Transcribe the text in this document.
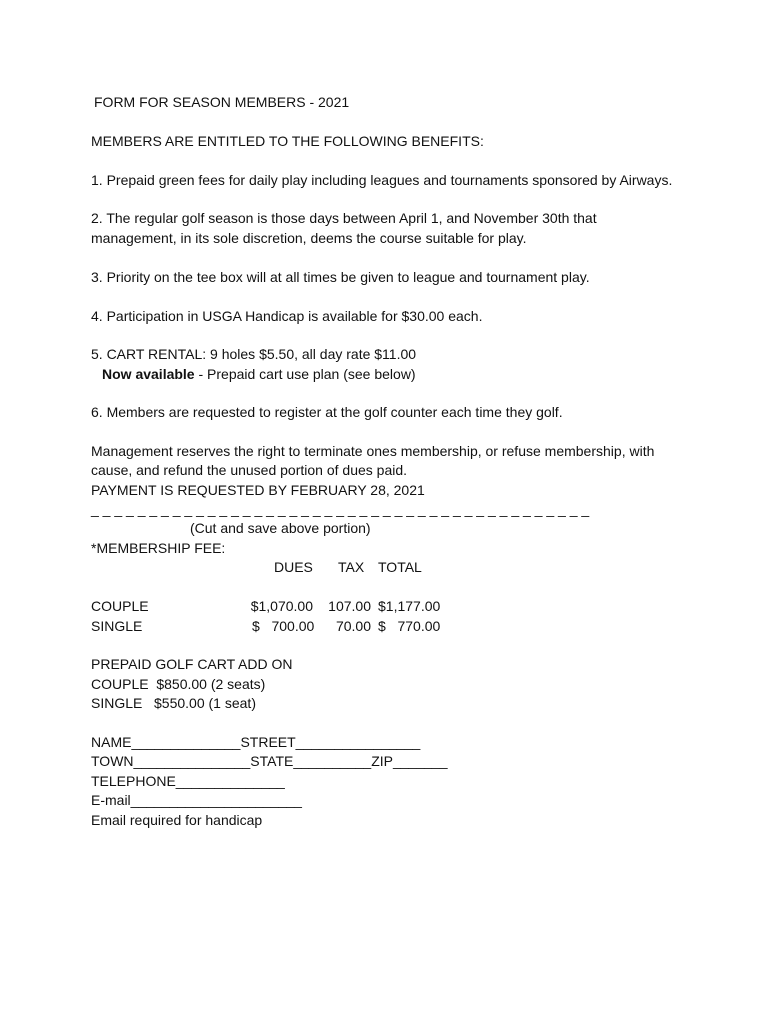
FORM FOR SEASON MEMBERS - 2021
MEMBERS ARE ENTITLED TO THE FOLLOWING BENEFITS:
1. Prepaid green fees for daily play including leagues and tournaments sponsored by Airways.
2. The regular golf season is those days between April 1, and November 30th that
management, in its sole discretion, deems the course suitable for play.
3. Priority on the tee box will at all times be given to league and tournament play.
4. Participation in USGA Handicap is available for $30.00 each.
5. CART RENTAL: 9 holes $5.50, all day rate $11.00
Now available - Prepaid cart use plan (see below)
6. Members are requested to register at the golf counter each time they golf.
Management reserves the right to terminate ones membership, or refuse membership, with
cause, and refund the unused portion of dues paid.
PAYMENT IS REQUESTED BY FEBRUARY 28, 2021
_ _ _ _ _ _ _ _ _ _ _ _ _ _ _ _ _ _ _ _ _ _ _ _ _ _ _ _ _ _ _ _ _ _ _ _ _ _ _ _ _ _ _
(Cut and save above portion)
*MEMBERSHIP FEE:
DUES TAX TOTAL
COUPLE	$1,070.00	107.00 $1,177.00
SINGLE	$   700.00	70.00 $   770.00
PREPAID GOLF CART ADD ON
COUPLE  $850.00 (2 seats)
SINGLE   $550.00 (1 seat)
NAME______________STREET________________
TOWN_______________STATE__________ZIP_______
TELEPHONE______________
E-mail______________________
Email required for handicap
